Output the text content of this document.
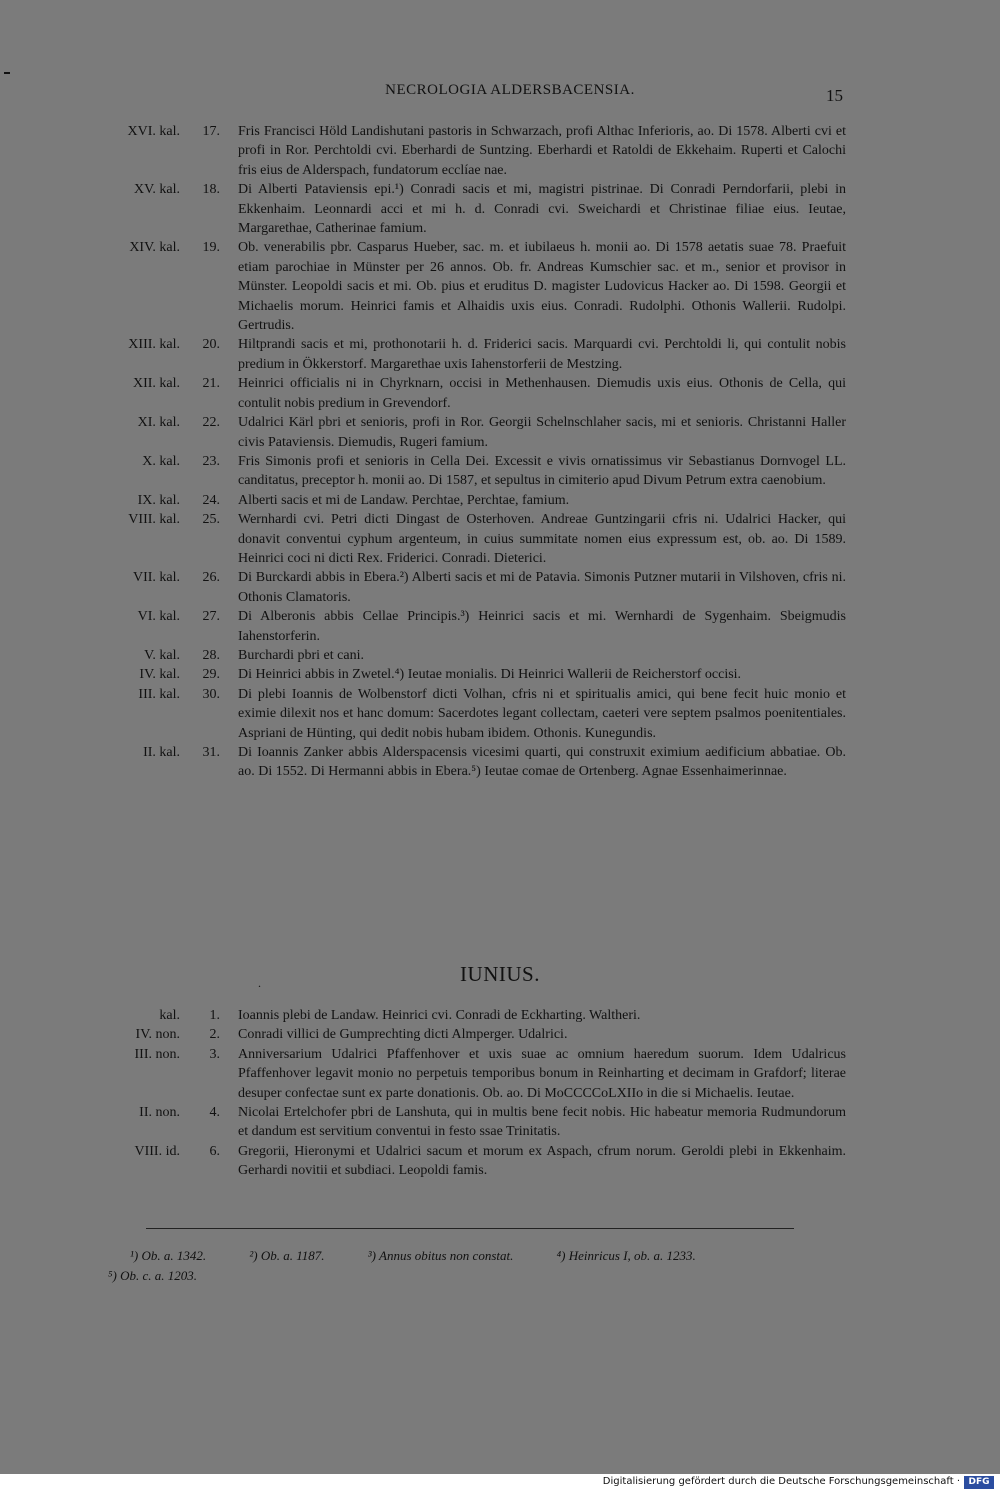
NECROLOGIA ALDERSBACENSIA.	15
XVI. kal.	17. Fris Francisci Höld Landishutani pastoris in Schwarzach, profi Althac Inferioris, ao. Di 1578. Alberti cvi et profi in Ror. Perchtoldi cvi. Eberhardi de Suntzing. Eberhardi et Ratoldi de Ekkehaim. Ruperti et Calochi fris eius de Alderspach, fundatorum ecclíae nae.
XV. kal.	18. Di Alberti Pataviensis epi.¹) Conradi sacis et mi, magistri pistrinae. Di Conradi Perndorfarii, plebi in Ekkenhaim. Leonnardi acci et mi h. d. Conradi cvi. Sweichardi et Christinae filiae eius. Ieutae, Margarethae, Catherinae famium.
XIV. kal.	19. Ob. venerabilis pbr. Casparus Hueber, sac. m. et iubilaeus h. monii ao. Di 1578 aetatis suae 78. Praefuit etiam parochiae in Münster per 26 annos. Ob. fr. Andreas Kumschier sac. et m., senior et provisor in Münster. Leopoldi sacis et mi. Ob. pius et eruditus D. magister Ludovicus Hacker ao. Di 1598. Georgii et Michaelis morum. Heinrici famis et Alhaidis uxis eius. Conradi. Rudolphi. Othonis Wallerii. Rudolpi. Gertrudis.
XIII. kal.	20. Hiltprandi sacis et mi, prothonotarii h. d. Friderici sacis. Marquardi cvi. Perchtoldi li, qui contulit nobis predium in Ökkerstorf. Margarethae uxis Iahenstorferii de Mestzing.
XII. kal.	21. Heinrici officialis ni in Chyrknarn, occisi in Methenhausen. Diemudis uxis eius. Othonis de Cella, qui contulit nobis predium in Grevendorf.
XI. kal.	22. Udalrici Kärl pbri et senioris, profi in Ror. Georgii Schelnschlaher sacis, mi et senioris. Christanni Haller civis Pataviensis. Diemudis, Rugeri famium.
X. kal.	23. Fris Simonis profi et senioris in Cella Dei. Excessit e vivis ornatissimus vir Sebastianus Dornvogel LL. canditatus, preceptor h. monii ao. Di 1587, et sepultus in cimiterio apud Divum Petrum extra caenobium.
IX. kal.	24. Alberti sacis et mi de Landaw. Perchtae, Perchtae, famium.
VIII. kal.	25. Wernhardi cvi. Petri dicti Dingast de Osterhoven. Andreae Guntzingarii cfris ni. Udalrici Hacker, qui donavit conventui cyphum argenteum, in cuius summitate nomen eius expressum est, ob. ao. Di 1589. Heinrici coci ni dicti Rex. Friderici. Conradi. Dieterici.
VII. kal.	26. Di Burckardi abbis in Ebera.²) Alberti sacis et mi de Patavia. Simonis Putzner mutarii in Vilshoven, cfris ni. Othonis Clamatoris.
VI. kal.	27. Di Alberonis abbis Cellae Principis.³) Heinrici sacis et mi. Wernhardi de Sygenhaim. Sbeigmudis Iahenstorferin.
V. kal.	28. Burchardi pbri et cani.
IV. kal.	29. Di Heinrici abbis in Zwetel.⁴) Ieutae monialis. Di Heinrici Wallerii de Reicherstorf occisi.
III. kal.	30. Di plebi Ioannis de Wolbenstorf dicti Volhan, cfris ni et spiritualis amici, qui bene fecit huic monio et eximie dilexit nos et hanc domum: Sacerdotes legant collectam, caeteri vere septem psalmos poenitentiales. Aspriani de Hünting, qui dedit nobis hubam ibidem. Othonis. Kunegundis.
II. kal.	31. Di Ioannis Zanker abbis Alderspacensis vicesimi quarti, qui construxit eximium aedificium abbatiae. Ob. ao. Di 1552. Di Hermanni abbis in Ebera.⁵) Ieutae comae de Ortenberg. Agnae Essenhaimerinnae.
.	IUNIUS.
kal.	1. Ioannis plebi de Landaw. Heinrici cvi. Conradi de Eckharting. Waltheri.
IV. non.	2. Conradi villici de Gumprechting dicti Almperger. Udalrici.
III. non.	3. Anniversarium Udalrici Pfaffenhover et uxis suae ac omnium haeredum suorum. Idem Udalricus Pfaffenhover legavit monio no perpetuis temporibus bonum in Reinharting et decimam in Grafdorf; literae desuper confectae sunt ex parte donationis. Ob. ao. Di MoCCCCoLXIIo in die si Michaelis. Ieutae.
II. non.	4. Nicolai Ertelchofer pbri de Lanshuta, qui in multis bene fecit nobis. Hic habeatur memoria Rudmundorum et dandum est servitium conventui in festo ssae Trinitatis.
VIII. id.	6. Gregorii, Hieronymi et Udalrici sacum et morum ex Aspach, cfrum norum. Geroldi plebi in Ekkenhaim. Gerhardi novitii et subdiaci. Leopoldi famis.
¹) Ob. a. 1342.	²) Ob. a. 1187.	³) Annus obitus non constat.	⁴) Heinricus I, ob. a. 1233.
⁵) Ob. c. a. 1203.
Digitalisierung gefördert durch die Deutsche Forschungsgemeinschaft · DFG
